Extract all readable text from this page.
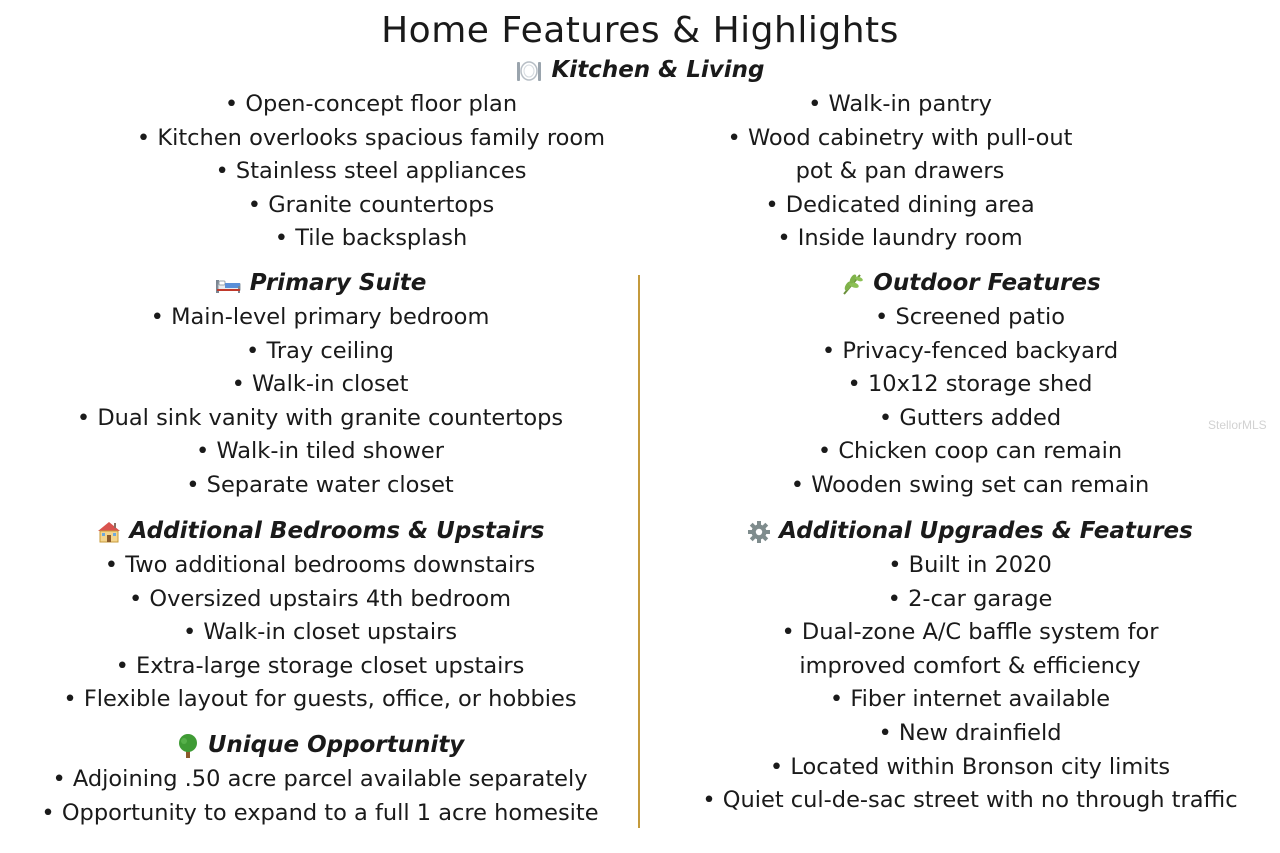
Home Features & Highlights
Kitchen & Living
• Open-concept floor plan
• Kitchen overlooks spacious family room
• Stainless steel appliances
• Granite countertops
• Tile backsplash
• Walk-in pantry
• Wood cabinetry with pull-out
pot & pan drawers
• Dedicated dining area
• Inside laundry room
Primary Suite
• Main-level primary bedroom
• Tray ceiling
• Walk-in closet
• Dual sink vanity with granite countertops
• Walk-in tiled shower
• Separate water closet
Outdoor Features
• Screened patio
• Privacy-fenced backyard
• 10x12 storage shed
• Gutters added
• Chicken coop can remain
• Wooden swing set can remain
Additional Bedrooms & Upstairs
• Two additional bedrooms downstairs
• Oversized upstairs 4th bedroom
• Walk-in closet upstairs
• Extra-large storage closet upstairs
• Flexible layout for guests, office, or hobbies
Additional Upgrades & Features
• Built in 2020
• 2-car garage
• Dual-zone A/C baffle system for
improved comfort & efficiency
• Fiber internet available
• New drainfield
• Located within Bronson city limits
• Quiet cul-de-sac street with no through traffic
Unique Opportunity
• Adjoining .50 acre parcel available separately
• Opportunity to expand to a full 1 acre homesite
StellorMLS
